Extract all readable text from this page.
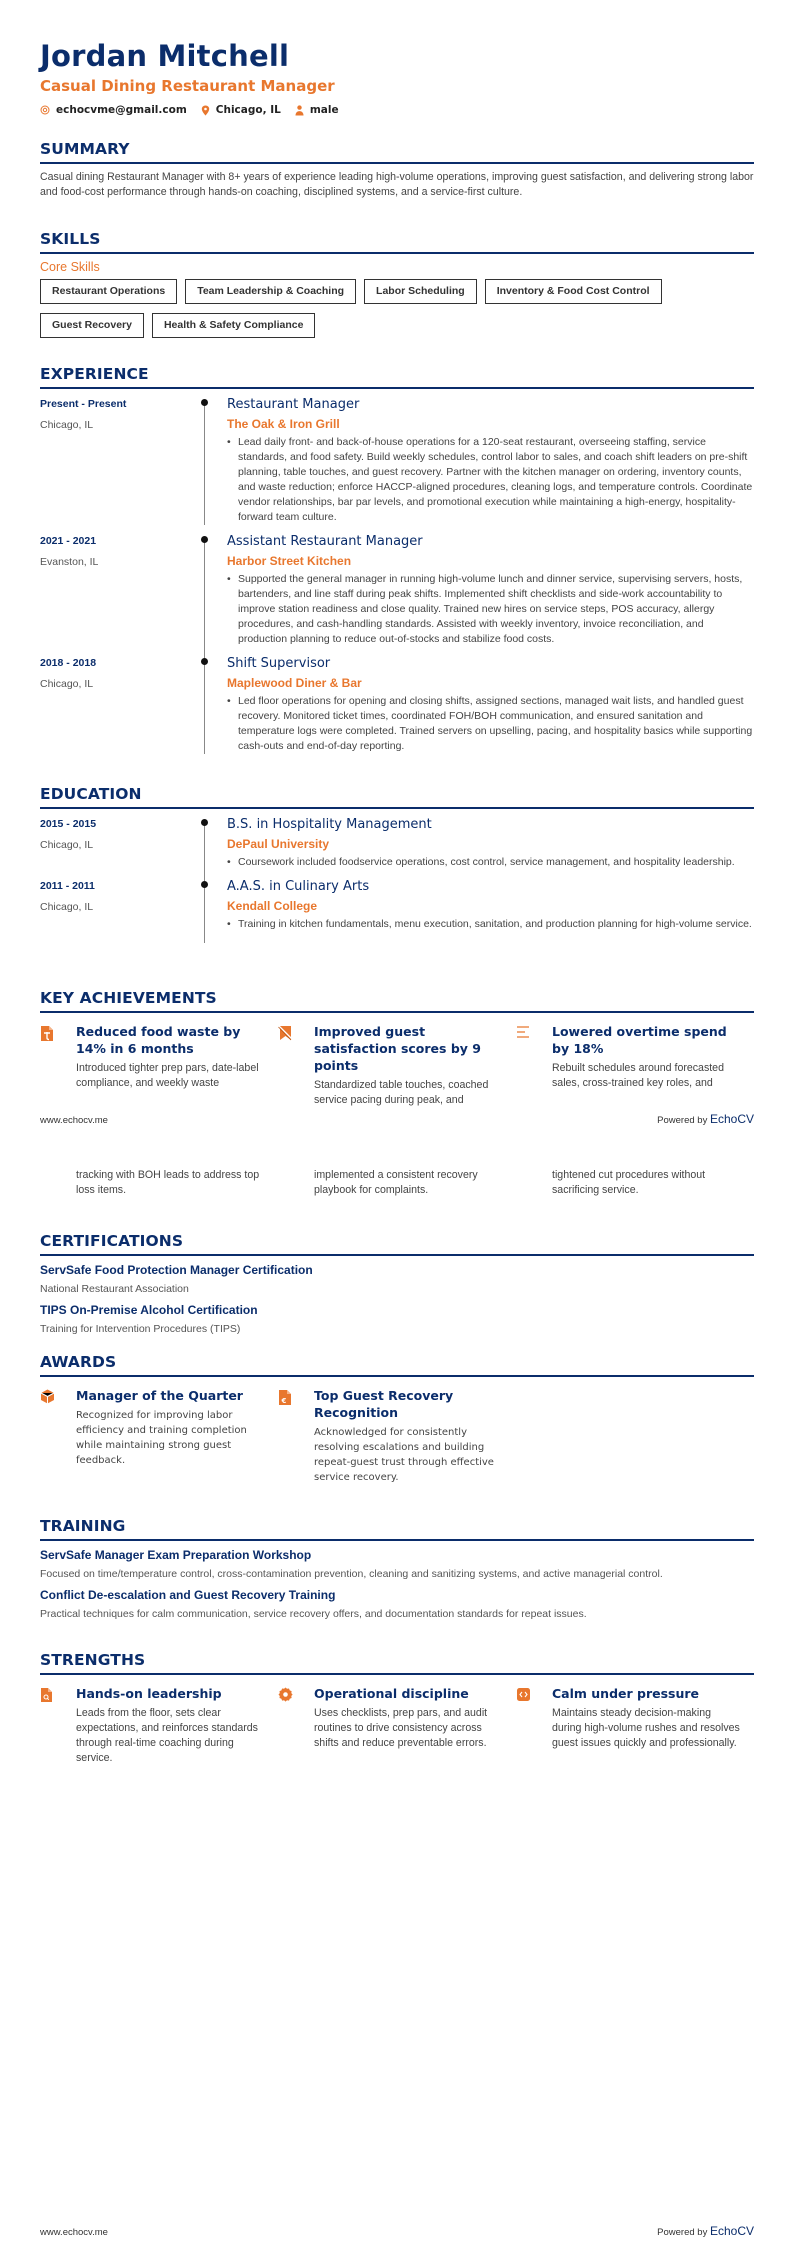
Jordan Mitchell
Casual Dining Restaurant Manager
echocvme@gmail.com	Chicago, IL	male
SUMMARY
Casual dining Restaurant Manager with 8+ years of experience leading high-volume operations, improving guest satisfaction, and delivering strong labor and food-cost performance through hands-on coaching, disciplined systems, and a service-first culture.
SKILLS
Core Skills
Restaurant Operations	Team Leadership & Coaching	Labor Scheduling	Inventory & Food Cost Control
Guest Recovery	Health & Safety Compliance
EXPERIENCE
Present - Present
Chicago, IL
Restaurant Manager
The Oak & Iron Grill
• Lead daily front- and back-of-house operations for a 120-seat restaurant, overseeing staffing, service standards, and food safety. Build weekly schedules, control labor to sales, and coach shift leaders on pre-shift planning, table touches, and guest recovery. Partner with the kitchen manager on ordering, inventory counts, and waste reduction; enforce HACCP-aligned procedures, cleaning logs, and temperature controls. Coordinate vendor relationships, bar par levels, and promotional execution while maintaining a high-energy, hospitality-forward team culture.
2021 - 2021
Evanston, IL
Assistant Restaurant Manager
Harbor Street Kitchen
• Supported the general manager in running high-volume lunch and dinner service, supervising servers, hosts, bartenders, and line staff during peak shifts. Implemented shift checklists and side-work accountability to improve station readiness and close quality. Trained new hires on service steps, POS accuracy, allergy procedures, and cash-handling standards. Assisted with weekly inventory, invoice reconciliation, and production planning to reduce out-of-stocks and stabilize food costs.
2018 - 2018
Chicago, IL
Shift Supervisor
Maplewood Diner & Bar
• Led floor operations for opening and closing shifts, assigned sections, managed wait lists, and handled guest recovery. Monitored ticket times, coordinated FOH/BOH communication, and ensured sanitation and temperature logs were completed. Trained servers on upselling, pacing, and hospitality basics while supporting cash-outs and end-of-day reporting.
EDUCATION
2015 - 2015
Chicago, IL
B.S. in Hospitality Management
DePaul University
• Coursework included foodservice operations, cost control, service management, and hospitality leadership.
2011 - 2011
Chicago, IL
A.A.S. in Culinary Arts
Kendall College
• Training in kitchen fundamentals, menu execution, sanitation, and production planning for high-volume service.
KEY ACHIEVEMENTS
Reduced food waste by 14% in 6 months
Introduced tighter prep pars, date-label compliance, and weekly waste
Improved guest satisfaction scores by 9 points
Standardized table touches, coached service pacing during peak, and
Lowered overtime spend by 18%
Rebuilt schedules around forecasted sales, cross-trained key roles, and
www.echocv.me	Powered by EchoCV
tracking with BOH leads to address top loss items.
implemented a consistent recovery playbook for complaints.
tightened cut procedures without sacrificing service.
CERTIFICATIONS
ServSafe Food Protection Manager Certification
National Restaurant Association
TIPS On-Premise Alcohol Certification
Training for Intervention Procedures (TIPS)
AWARDS
Manager of the Quarter
Recognized for improving labor efficiency and training completion while maintaining strong guest feedback.
€ Top Guest Recovery Recognition
Acknowledged for consistently resolving escalations and building repeat-guest trust through effective service recovery.
TRAINING
ServSafe Manager Exam Preparation Workshop
Focused on time/temperature control, cross-contamination prevention, cleaning and sanitizing systems, and active managerial control.
Conflict De-escalation and Guest Recovery Training
Practical techniques for calm communication, service recovery offers, and documentation standards for repeat issues.
STRENGTHS
Hands-on leadership
Leads from the floor, sets clear expectations, and reinforces standards through real-time coaching during service.
Operational discipline
Uses checklists, prep pars, and audit routines to drive consistency across shifts and reduce preventable errors.
Calm under pressure
Maintains steady decision-making during high-volume rushes and resolves guest issues quickly and professionally.
www.echocv.me	Powered by EchoCV
